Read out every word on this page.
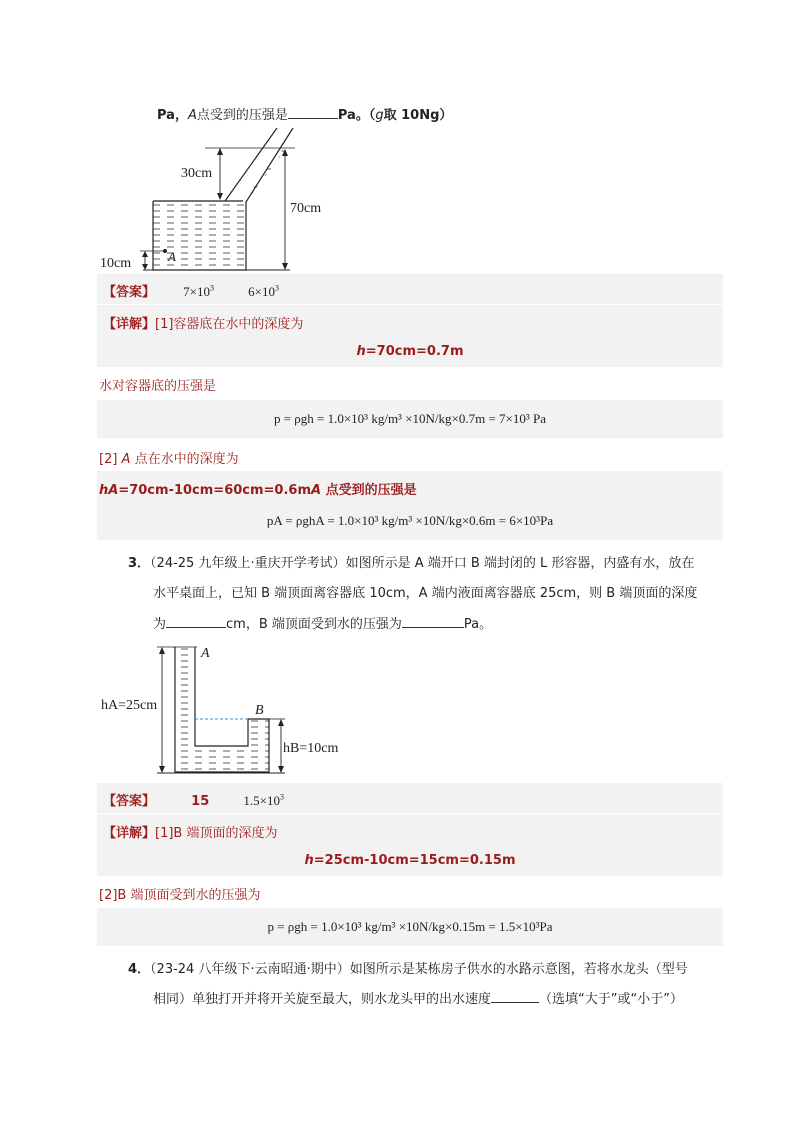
Pa，A点受到的压强是	Pa。（g取 10Ng）
A
30cm
70cm
10cm
【答案】 $7\times 10^3$	$6\times 10^3$
【详解】[1]容器底在水中的深度为
h=70cm=0.7m
水对容器底的压强是
p = ρgh = 1.0×10³ kg/m³ ×10N/kg×0.7m = 7×10³ Pa
[2] A 点在水中的深度为
hA=70cm-10cm=60cm=0.6mA 点受到的压强是
pA = ρghA = 1.0×10³ kg/m³ ×10N/kg×0.6m = 6×10³Pa
3．（24-25 九年级上·重庆开学考试）如图所示是 A 端开口 B 端封闭的 L 形容器，内盛有水，放在
水平桌面上，已知 B 端顶面离容器底 10cm，A 端内液面离容器底 25cm，则 B 端顶面的深度
为	cm，B 端顶面受到水的压强为	Pa。
A
B
hA=25cm
hB=10cm
【答案】	15	$1.5\times 10^3$
【详解】[1]B 端顶面的深度为
h=25cm-10cm=15cm=0.15m
[2]B 端顶面受到水的压强为
p = ρgh = 1.0×10³ kg/m³ ×10N/kg×0.15m = 1.5×10³Pa
4．（23-24 八年级下·云南昭通·期中）如图所示是某栋房子供水的水路示意图，若将水龙头（型号
相同）单独打开并将开关旋至最大，则水龙头甲的出水速度	（选填“大于”或“小于”）
